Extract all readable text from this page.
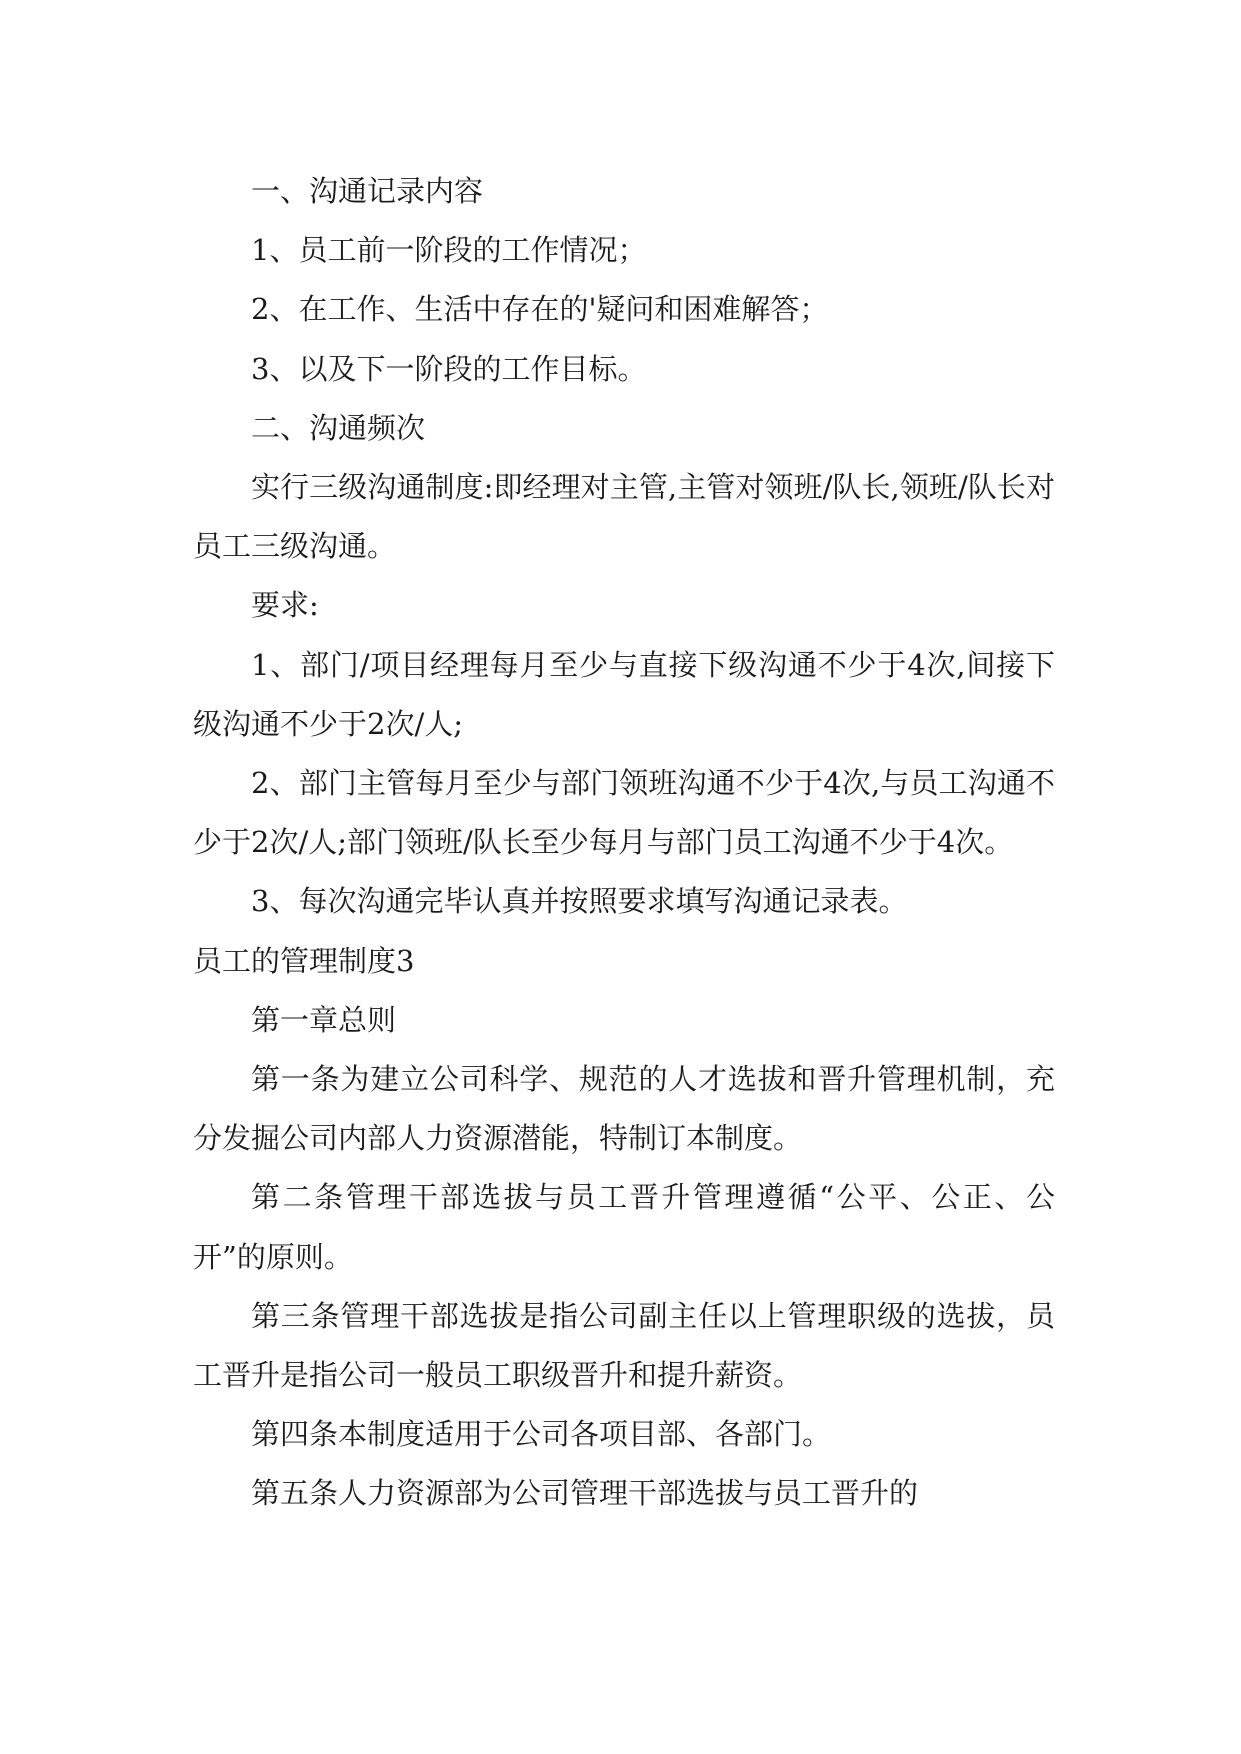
一、沟通记录内容

1、员工前一阶段的工作情况；

2、在工作、生活中存在的'疑问和困难解答；

3、以及下一阶段的工作目标。

二、沟通频次

实行三级沟通制度:即经理对主管,主管对领班/队长,领班/队长对员工三级沟通。

要求:

1、部门/项目经理每月至少与直接下级沟通不少于4次,间接下级沟通不少于2次/人;

2、部门主管每月至少与部门领班沟通不少于4次,与员工沟通不少于2次/人;部门领班/队长至少每月与部门员工沟通不少于4次。

3、每次沟通完毕认真并按照要求填写沟通记录表。

员工的管理制度3

第一章总则

第一条为建立公司科学、规范的人才选拔和晋升管理机制，充分发掘公司内部人力资源潜能，特制订本制度。

第二条管理干部选拔与员工晋升管理遵循“公平、公正、公开”的原则。

第三条管理干部选拔是指公司副主任以上管理职级的选拔，员工晋升是指公司一般员工职级晋升和提升薪资。

第四条本制度适用于公司各项目部、各部门。

第五条人力资源部为公司管理干部选拔与员工晋升的
